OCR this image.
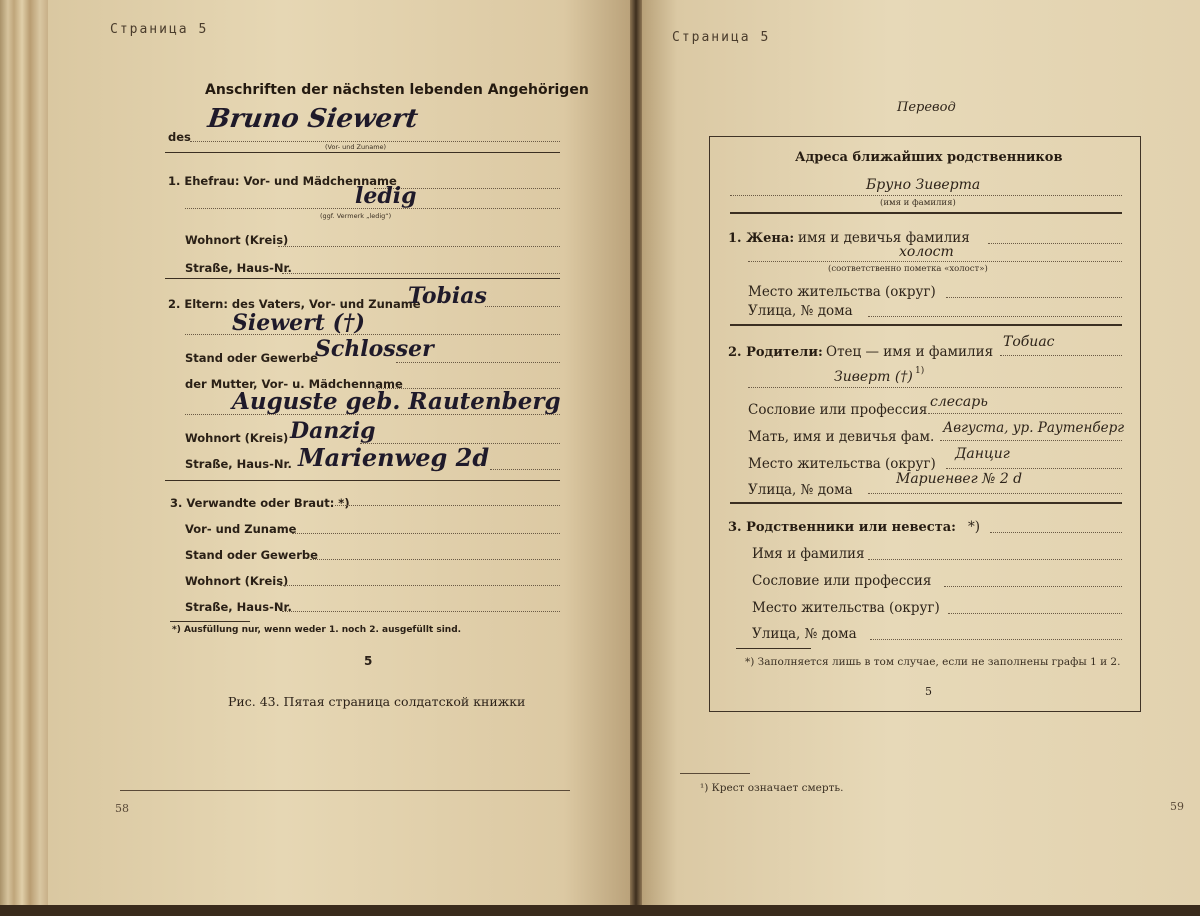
Страница 5
Anschriften der nächsten lebenden Angehörigen
des
Bruno Siewert
(Vor- und Zuname)
1. Ehefrau: Vor- und Mädchenname
ledig
(ggf. Vermerk „ledig“)
Wohnort (Kreis)
Straße, Haus-Nr.
2. Eltern: des Vaters, Vor- und Zuname
Tobias
Siewert (†)
Stand oder Gewerbe
Schlosser
der Mutter, Vor- u. Mädchenname
Auguste geb. Rautenberg
Wohnort (Kreis) Danzig
Straße, Haus-Nr. Marienweg 2d
3. Verwandte oder Braut: *)
Vor- und Zuname
Stand oder Gewerbe
Wohnort (Kreis)
Straße, Haus-Nr.
*) Ausfüllung nur, wenn weder 1. noch 2. ausgefüllt sind.
5
Рис. 43. Пятая страница солдатской книжки
58
Страница 5
Перевод
Адреса ближайших родственников
Бруно Зиверта
(имя и фамилия)
1. Жена: имя и девичья фамилия
холост
(соответственно пометка «холост»)
Место жительства (округ)
Улица, № дома
2. Родители: Отец — имя и фамилия
Тобиас
Зиверт (†) 1)
Сословие или профессия слесарь
Мать, имя и девичья фам.
Августа, ур. Раутенберг
Место жительства (округ)
Данциг
Улица, № дома
Мариенвег № 2 d
3. Родственники или невеста: *)
Имя и фамилия
Сословие или профессия
Место жительства (округ)
Улица, № дома
*) Заполняется лишь в том случае, если не заполнены графы 1 и 2.
5
¹) Крест означает смерть.
59
